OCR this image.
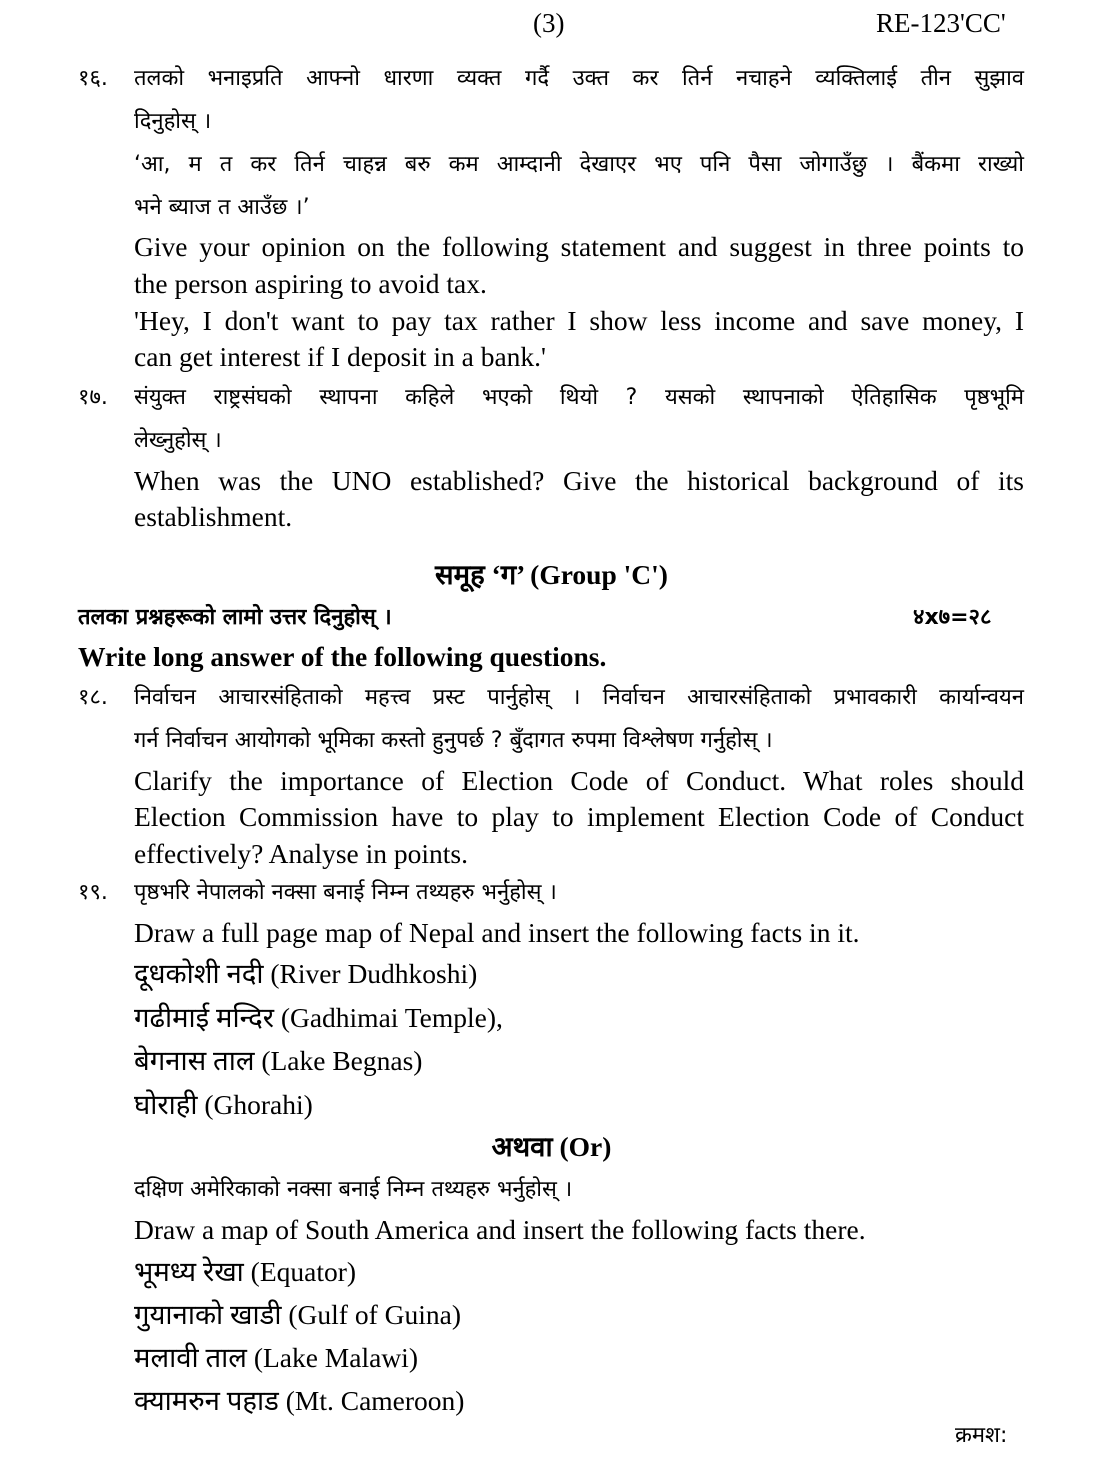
(3)	RE-123'CC'
१६. तलको भनाइप्रति आफ्नो धारणा व्यक्त गर्दै उक्त कर तिर्न नचाहने व्यक्तिलाई तीन सुझाव
दिनुहोस् ।
‘आ, म त कर तिर्न चाहन्न बरु कम आम्दानी देखाएर भए पनि पैसा जोगाउँछु । बैंकमा राख्यो
भने ब्याज त आउँछ ।’
Give your opinion on the following statement and suggest in three points to
the person aspiring to avoid tax.
'Hey, I don't want to pay tax rather I show less income and save money, I
can get interest if I deposit in a bank.'
१७. संयुक्त राष्ट्रसंघको स्थापना कहिले भएको थियो ? यसको स्थापनाको ऐतिहासिक पृष्ठभूमि
लेख्नुहोस् ।
When was the UNO established? Give the historical background of its
establishment.
समूह ‘ग’ (Group 'C')
तलका प्रश्नहरूको लामो उत्तर दिनुहोस् ।	४x७=२८
Write long answer of the following questions.
१८. निर्वाचन आचारसंहिताको महत्त्व प्रस्ट पार्नुहोस् । निर्वाचन आचारसंहिताको प्रभावकारी कार्यान्वयन
गर्न निर्वाचन आयोगको भूमिका कस्तो हुनुपर्छ ? बुँदागत रुपमा विश्लेषण गर्नुहोस् ।
Clarify the importance of Election Code of Conduct. What roles should
Election Commission have to play to implement Election Code of Conduct
effectively? Analyse in points.
१९. पृष्ठभरि नेपालको नक्सा बनाई निम्न तथ्यहरु भर्नुहोस् ।
Draw a full page map of Nepal and insert the following facts in it.
दूधकोशी नदी (River Dudhkoshi)
गढीमाई मन्दिर (Gadhimai Temple),
बेगनास ताल (Lake Begnas)
घोराही (Ghorahi)
अथवा (Or)
दक्षिण अमेरिकाको नक्सा बनाई निम्न तथ्यहरु भर्नुहोस् ।
Draw a map of South America and insert the following facts there.
भूमध्य रेखा (Equator)
गुयानाको खाडी (Gulf of Guina)
मलावी ताल (Lake Malawi)
क्यामरुन पहाड (Mt. Cameroon)
क्रमश:
